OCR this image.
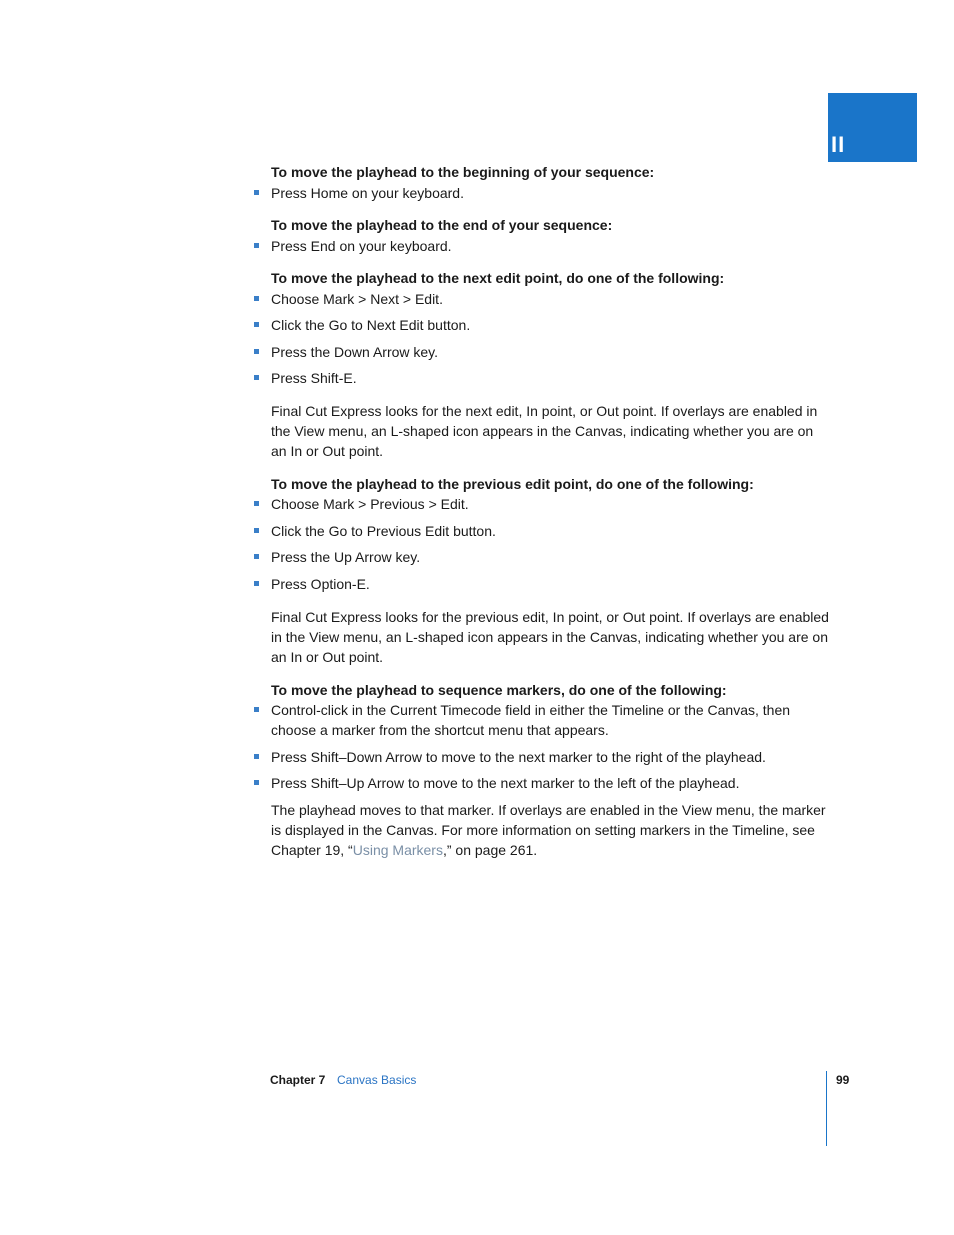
II

To move the playhead to the beginning of your sequence:

Press Home on your keyboard.

To move the playhead to the end of your sequence:

Press End on your keyboard.

To move the playhead to the next edit point, do one of the following:

Choose Mark > Next > Edit.

Click the Go to Next Edit button.

Press the Down Arrow key.

Press Shift-E.

Final Cut Express looks for the next edit, In point, or Out point. If overlays are enabled in the View menu, an L-shaped icon appears in the Canvas, indicating whether you are on an In or Out point.

To move the playhead to the previous edit point, do one of the following:

Choose Mark > Previous > Edit.

Click the Go to Previous Edit button.

Press the Up Arrow key.

Press Option-E.

Final Cut Express looks for the previous edit, In point, or Out point. If overlays are enabled in the View menu, an L-shaped icon appears in the Canvas, indicating whether you are on an In or Out point.

To move the playhead to sequence markers, do one of the following:

Control-click in the Current Timecode field in either the Timeline or the Canvas, then choose a marker from the shortcut menu that appears.

Press Shift–Down Arrow to move to the next marker to the right of the playhead.

Press Shift–Up Arrow to move to the next marker to the left of the playhead.

The playhead moves to that marker. If overlays are enabled in the View menu, the marker is displayed in the Canvas. For more information on setting markers in the Timeline, see Chapter 19, “Using Markers,” on page 261.

Chapter 7 Canvas Basics	99
